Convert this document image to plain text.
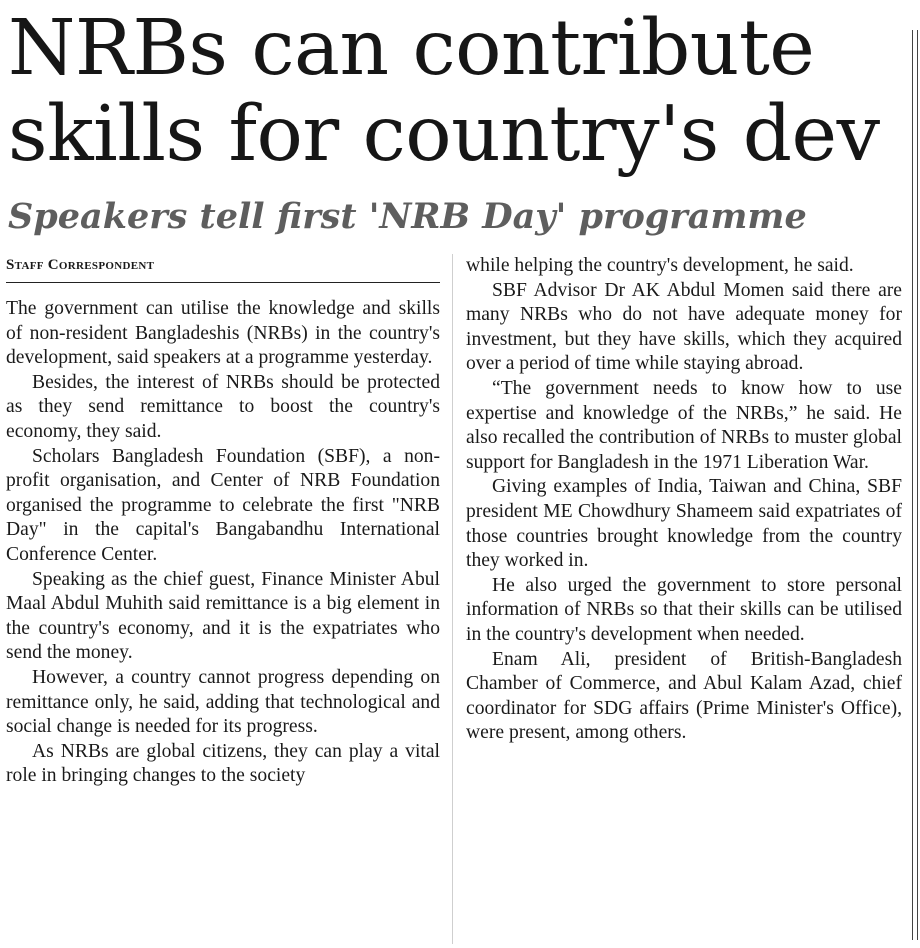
NRBs can contribute
skills for country's dev
Speakers tell first 'NRB Day' programme
Staff Correspondent

The government can utilise the knowledge and skills of non-resident Bangladeshis (NRBs) in the country's development, said speakers at a programme yesterday.

Besides, the interest of NRBs should be protected as they send remittance to boost the country's economy, they said.

Scholars Bangladesh Foundation (SBF), a non-profit organisation, and Center of NRB Foundation organised the programme to celebrate the first "NRB Day" in the capital's Bangabandhu International Conference Center.

Speaking as the chief guest, Finance Minister Abul Maal Abdul Muhith said remittance is a big element in the country's economy, and it is the expatriates who send the money.

However, a country cannot progress depending on remittance only, he said, adding that technological and social change is needed for its progress.

As NRBs are global citizens, they can play a vital role in bringing changes to the society

while helping the country's development, he said.

SBF Advisor Dr AK Abdul Momen said there are many NRBs who do not have adequate money for investment, but they have skills, which they acquired over a period of time while staying abroad.

“The government needs to know how to use expertise and knowledge of the NRBs,” he said. He also recalled the contribution of NRBs to muster global support for Bangladesh in the 1971 Liberation War.

Giving examples of India, Taiwan and China, SBF president ME Chowdhury Shameem said expatriates of those countries brought knowledge from the country they worked in.

He also urged the government to store personal information of NRBs so that their skills can be utilised in the country's development when needed.

Enam Ali, president of British-Bangladesh Chamber of Commerce, and Abul Kalam Azad, chief coordinator for SDG affairs (Prime Minister's Office), were present, among others.
